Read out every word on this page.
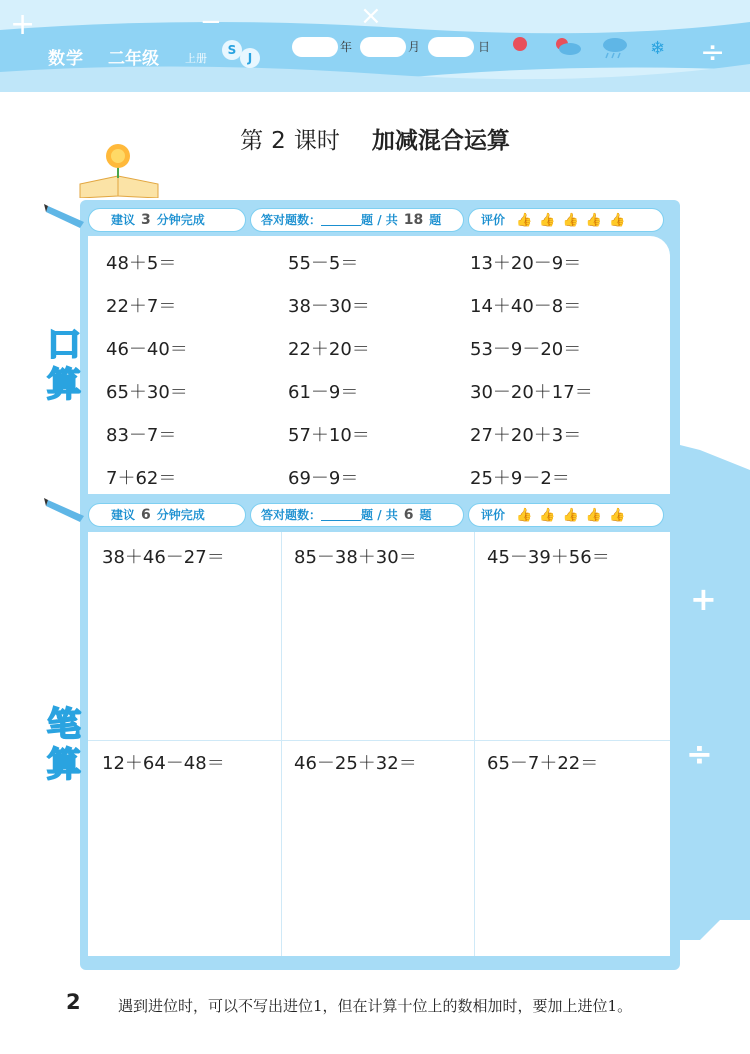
+	−	×
÷
数学 二年级 上册
S
J
年	月	日	❄
第 2 课时 加减混合运算
+
÷
口
算
笔
算
建议 3 分钟完成	答对题数：	题 / 共 18 题	评价 👍 👍 👍 👍 👍
48＋5＝	55－5＝	13＋20－9＝
22＋7＝	38－30＝	14＋40－8＝
46－40＝	22＋20＝	53－9－20＝
65＋30＝	61－9＝	30－20＋17＝
83－7＝	57＋10＝	27＋20＋3＝
7＋62＝	69－9＝	25＋9－2＝
建议 6 分钟完成	答对题数：	题 / 共 6 题	评价 👍 👍 👍 👍 👍
38＋46－27＝	85－38＋30＝	45－39＋56＝
12＋64－48＝	46－25＋32＝	65－7＋22＝
2 遇到进位时，可以不写出进位1，但在计算十位上的数相加时，要加上进位1。
